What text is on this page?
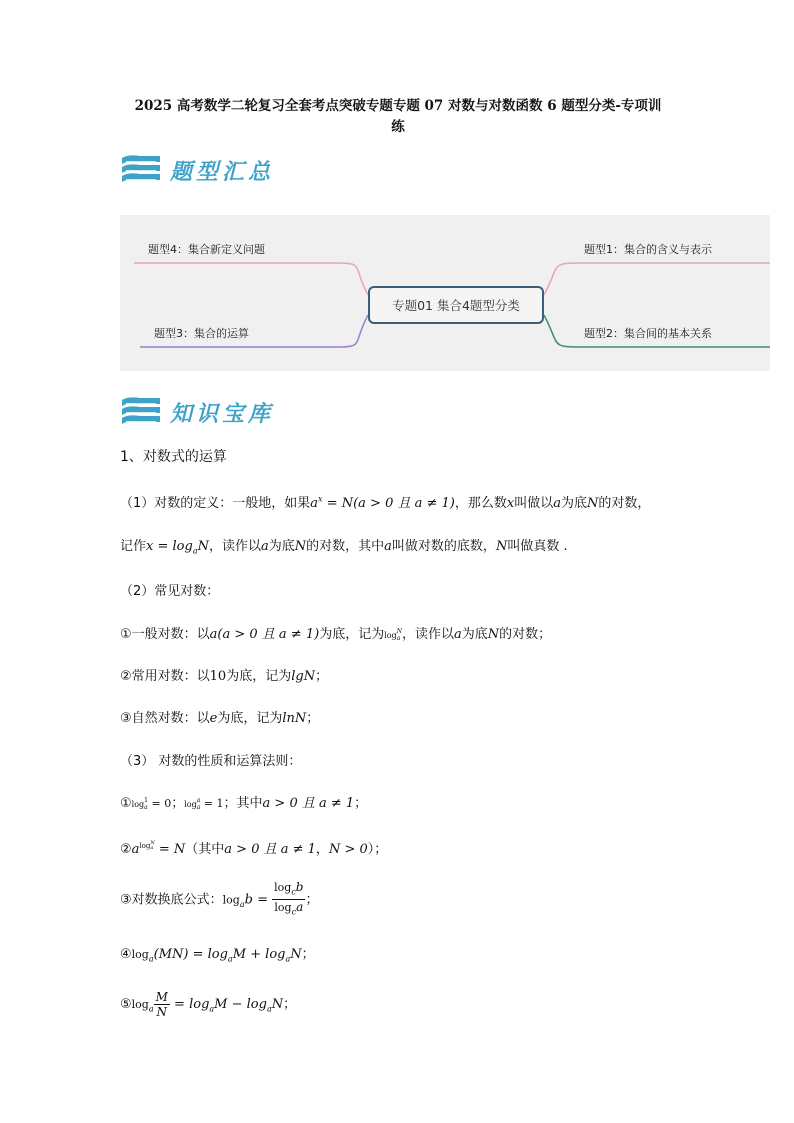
2025 高考数学二轮复习全套考点突破专题专题 07 对数与对数函数 6 题型分类-专项训
练
题型汇总
专题01 集合4题型分类
题型1：集合的含义与表示
题型2：集合间的基本关系
题型3：集合的运算
题型4：集合新定义问题
知识宝库
1、对数式的运算
（1）对数的定义：一般地，如果$a^x = N(a > 0$ 且 a ≠ 1)，那么数x叫做以a为底N的对数，
记作$x = \log_aN$，读作以a为底N的对数，其中a叫做对数的底数，N叫做真数 .
（2）常见对数：
①一般对数：以a(a > 0 且 a ≠ 1)为底，记为log N
a ，读作以a为底N的对数；
②常用对数：以10为底，记为lgN；
③自然对数：以e为底，记为lnN；
（3） 对数的性质和运算法则：
①log 1
a = 0；log a
a = 1；其中a > 0 且 a ≠ 1；
$②a^{log N a} = N$（其中a > 0 且 a ≠ 1，N > 0）；
③对数换底公式：$\log_ab = \frac{\log_cb}{\log_ca}$ ；
$④\log_a(MN) = \log_aM + \log_aN$；
$⑤\log_a \frac{M}{N} = \log_aM - \log_aN$；
